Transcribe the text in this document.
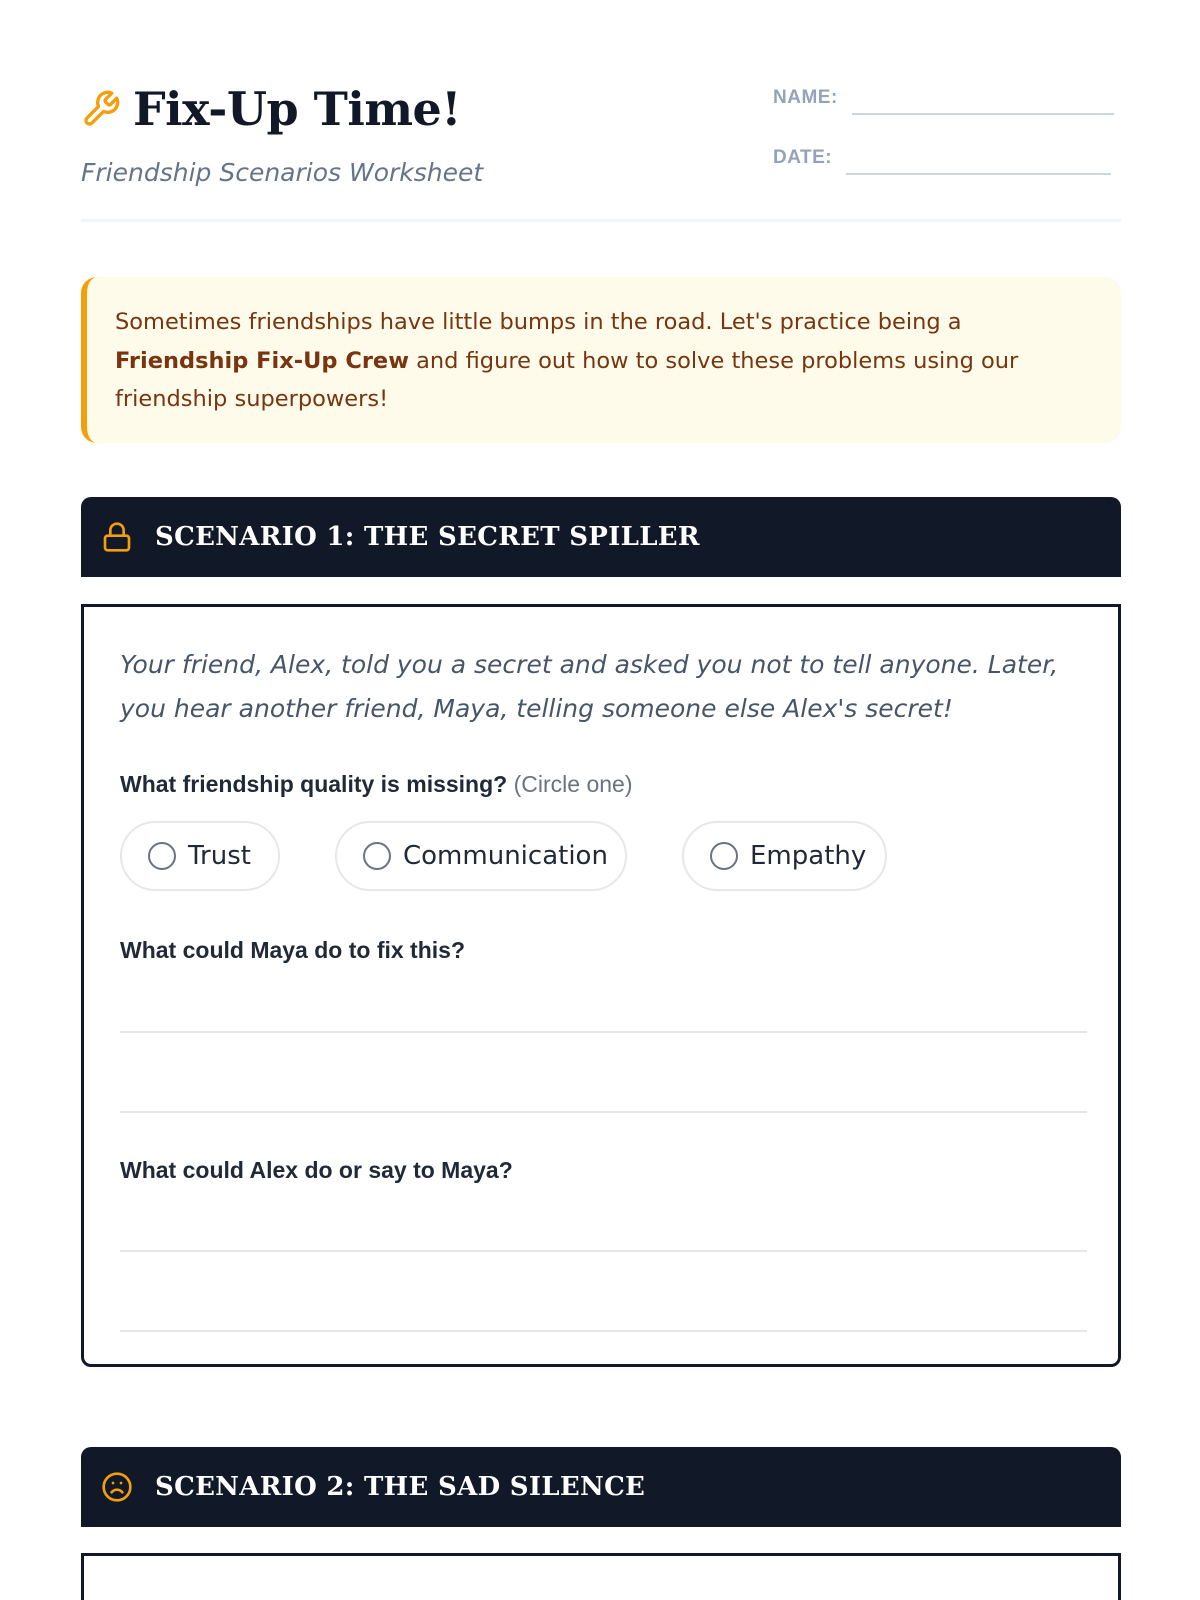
Fix-Up Time!
Friendship Scenarios Worksheet
NAME:
DATE:

Sometimes friendships have little bumps in the road. Let's practice being a Friendship Fix-Up Crew and figure out how to solve these problems using our friendship superpowers!

SCENARIO 1: THE SECRET SPILLER

Your friend, Alex, told you a secret and asked you not to tell anyone. Later, you hear another friend, Maya, telling someone else Alex's secret!

What friendship quality is missing? (Circle one)
Trust	Communication	Empathy
What could Maya do to fix this?
What could Alex do or say to Maya?
SCENARIO 2: THE SAD SILENCE
